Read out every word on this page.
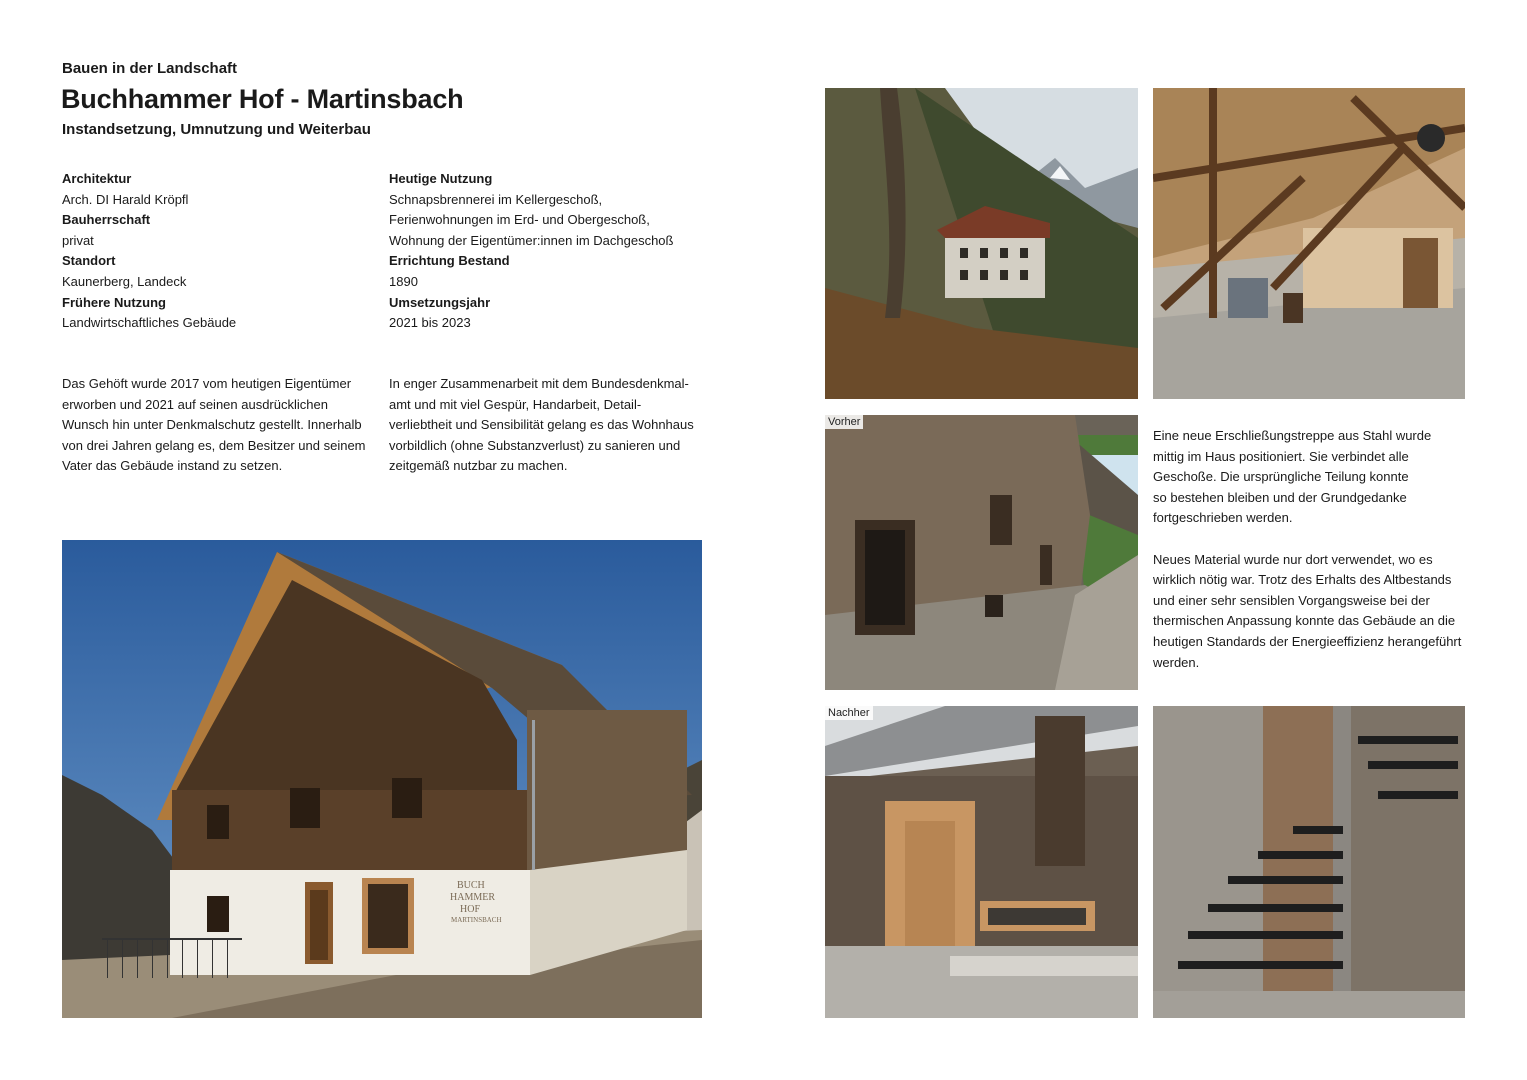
Bauen in der Landschaft
Buchhammer Hof - Martinsbach
Instandsetzung, Umnutzung und Weiterbau
Architektur
Arch. DI Harald Kröpfl
Bauherrschaft
privat
Standort
Kaunerberg, Landeck
Frühere Nutzung
Landwirtschaftliches Gebäude
Heutige Nutzung
Schnapsbrennerei im Kellergeschoß,
Ferienwohnungen im Erd- und Obergeschoß,
Wohnung der Eigentümer:innen im Dachgeschoß
Errichtung Bestand
1890
Umsetzungsjahr
2021 bis 2023
Das Gehöft wurde 2017 vom heutigen Eigentümer
erworben und 2021 auf seinen ausdrücklichen
Wunsch hin unter Denkmalschutz gestellt. Innerhalb
von drei Jahren gelang es, dem Besitzer und seinem
Vater das Gebäude instand zu setzen.
In enger Zusammenarbeit mit dem Bundesdenkmal-
amt und mit viel Gespür, Handarbeit, Detail-
verliebtheit und Sensibilität gelang es das Wohnhaus
vorbildlich (ohne Substanzverlust) zu sanieren und
zeitgemäß nutzbar zu machen.
Eine neue Erschließungstreppe aus Stahl wurde
mittig im Haus positioniert. Sie verbindet alle
Geschoße. Die ursprüngliche Teilung konnte
so bestehen bleiben und der Grundgedanke
fortgeschrieben werden.
Neues Material wurde nur dort verwendet, wo es
wirklich nötig war. Trotz des Erhalts des Altbestands
und einer sehr sensiblen Vorgangsweise bei der
thermischen Anpassung konnte das Gebäude an die
heutigen Standards der Energieeffizienz herangeführt
werden.
BUCH
HAMMER
HOF
MARTINSBACH
Vorher
Nachher
